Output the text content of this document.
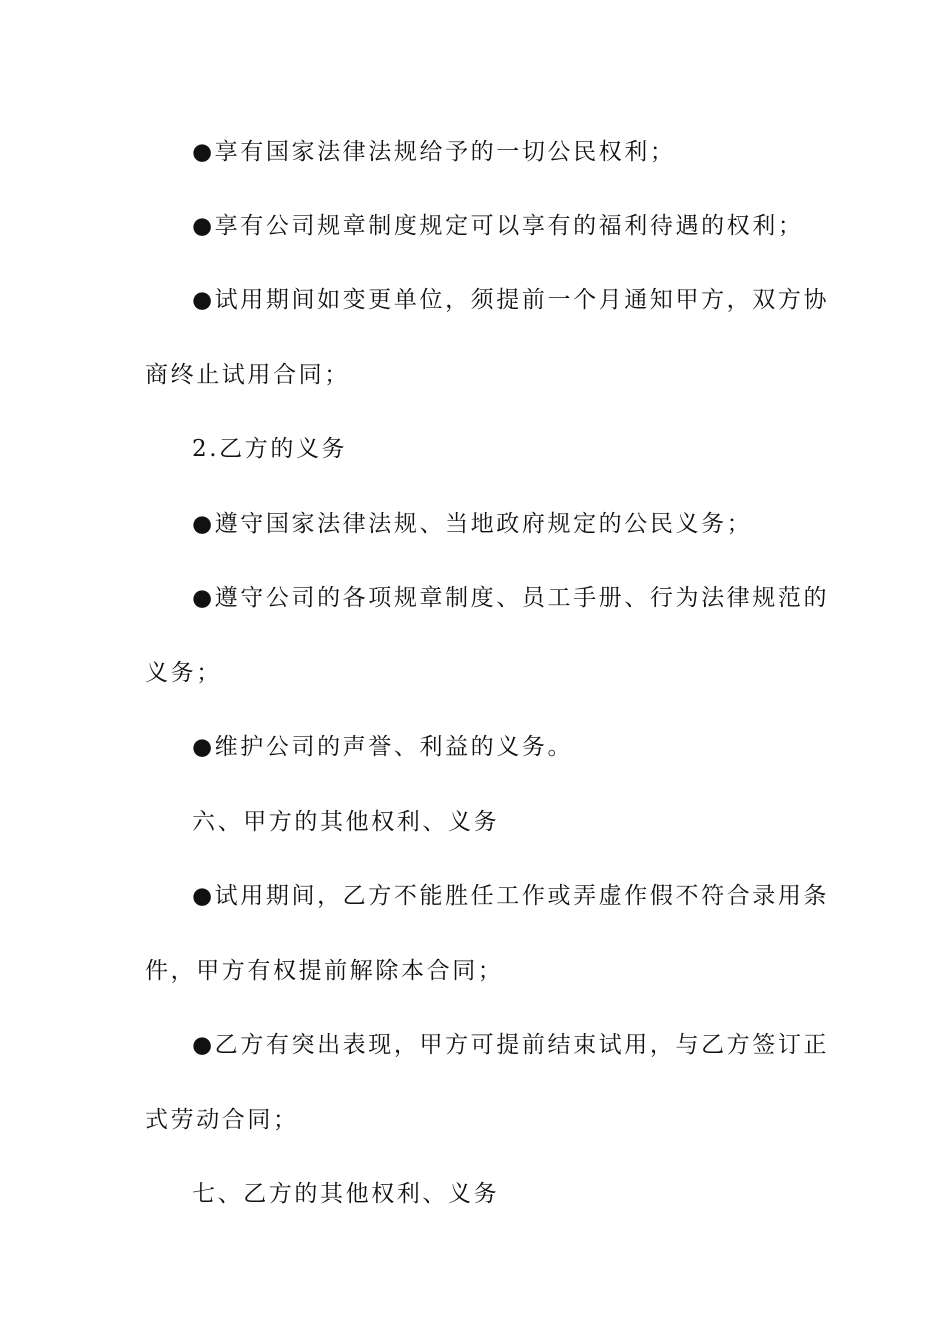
●享有国家法律法规给予的一切公民权利；
●享有公司规章制度规定可以享有的福利待遇的权利；
●试用期间如变更单位，须提前一个月通知甲方，双方协
商终止试用合同；
2.乙方的义务
●遵守国家法律法规、当地政府规定的公民义务；
●遵守公司的各项规章制度、员工手册、行为法律规范的
义务；
●维护公司的声誉、利益的义务。
六、甲方的其他权利、义务
●试用期间，乙方不能胜任工作或弄虚作假不符合录用条
件，甲方有权提前解除本合同；
●乙方有突出表现，甲方可提前结束试用，与乙方签订正
式劳动合同；
七、乙方的其他权利、义务
